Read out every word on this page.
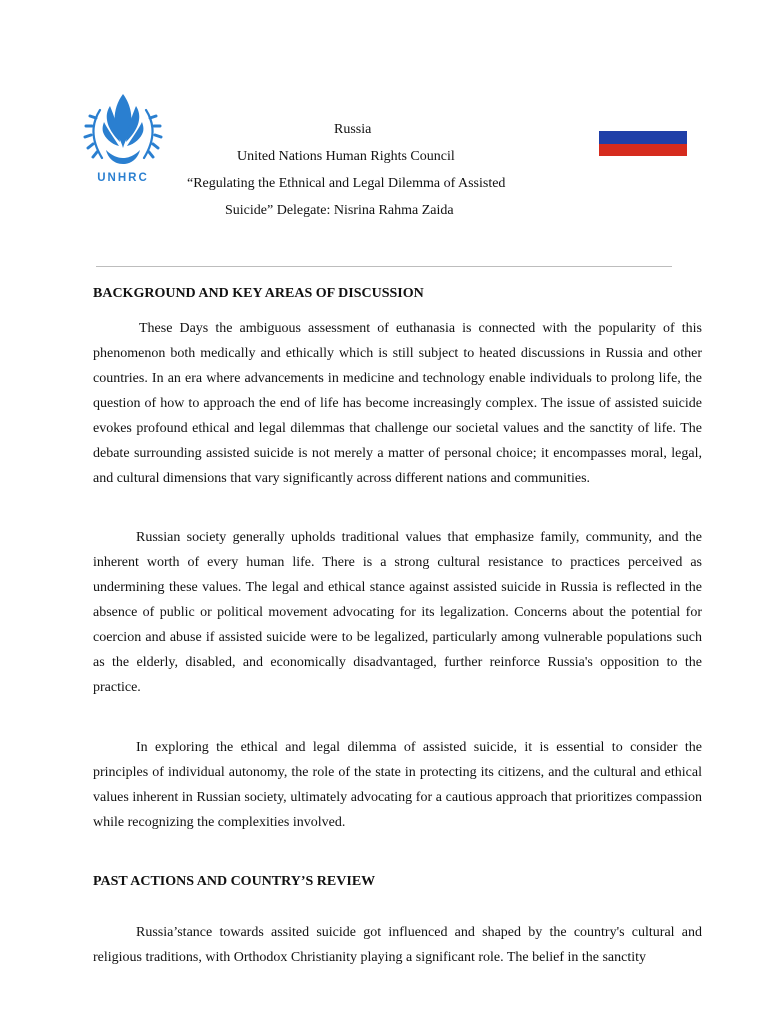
UNHRC
Russia
United Nations Human Rights Council
“Regulating the Ethnical and Legal Dilemma of Assisted
Suicide” Delegate: Nisrina Rahma Zaida
BACKGROUND AND KEY AREAS OF DISCUSSION

These Days the ambiguous assessment of euthanasia is connected with the popularity of this phenomenon both medically and ethically which is still subject to heated discussions in Russia and other countries. In an era where advancements in medicine and technology enable individuals to prolong life, the question of how to approach the end of life has become increasingly complex. The issue of assisted suicide evokes profound ethical and legal dilemmas that challenge our societal values and the sanctity of life. The debate surrounding assisted suicide is not merely a matter of personal choice; it encompasses moral, legal, and cultural dimensions that vary significantly across different nations and communities.

Russian society generally upholds traditional values that emphasize family, community, and the inherent worth of every human life. There is a strong cultural resistance to practices perceived as undermining these values. The legal and ethical stance against assisted suicide in Russia is reflected in the absence of public or political movement advocating for its legalization. Concerns about the potential for coercion and abuse if assisted suicide were to be legalized, particularly among vulnerable populations such as the elderly, disabled, and economically disadvantaged, further reinforce Russia's opposition to the practice.

In exploring the ethical and legal dilemma of assisted suicide, it is essential to consider the principles of individual autonomy, the role of the state in protecting its citizens, and the cultural and ethical values inherent in Russian society, ultimately advocating for a cautious approach that prioritizes compassion while recognizing the complexities involved.

PAST ACTIONS AND COUNTRY’S REVIEW

Russia’stance towards assited suicide got influenced and shaped by the country's cultural and religious traditions, with Orthodox Christianity playing a significant role. The belief in the sanctity
